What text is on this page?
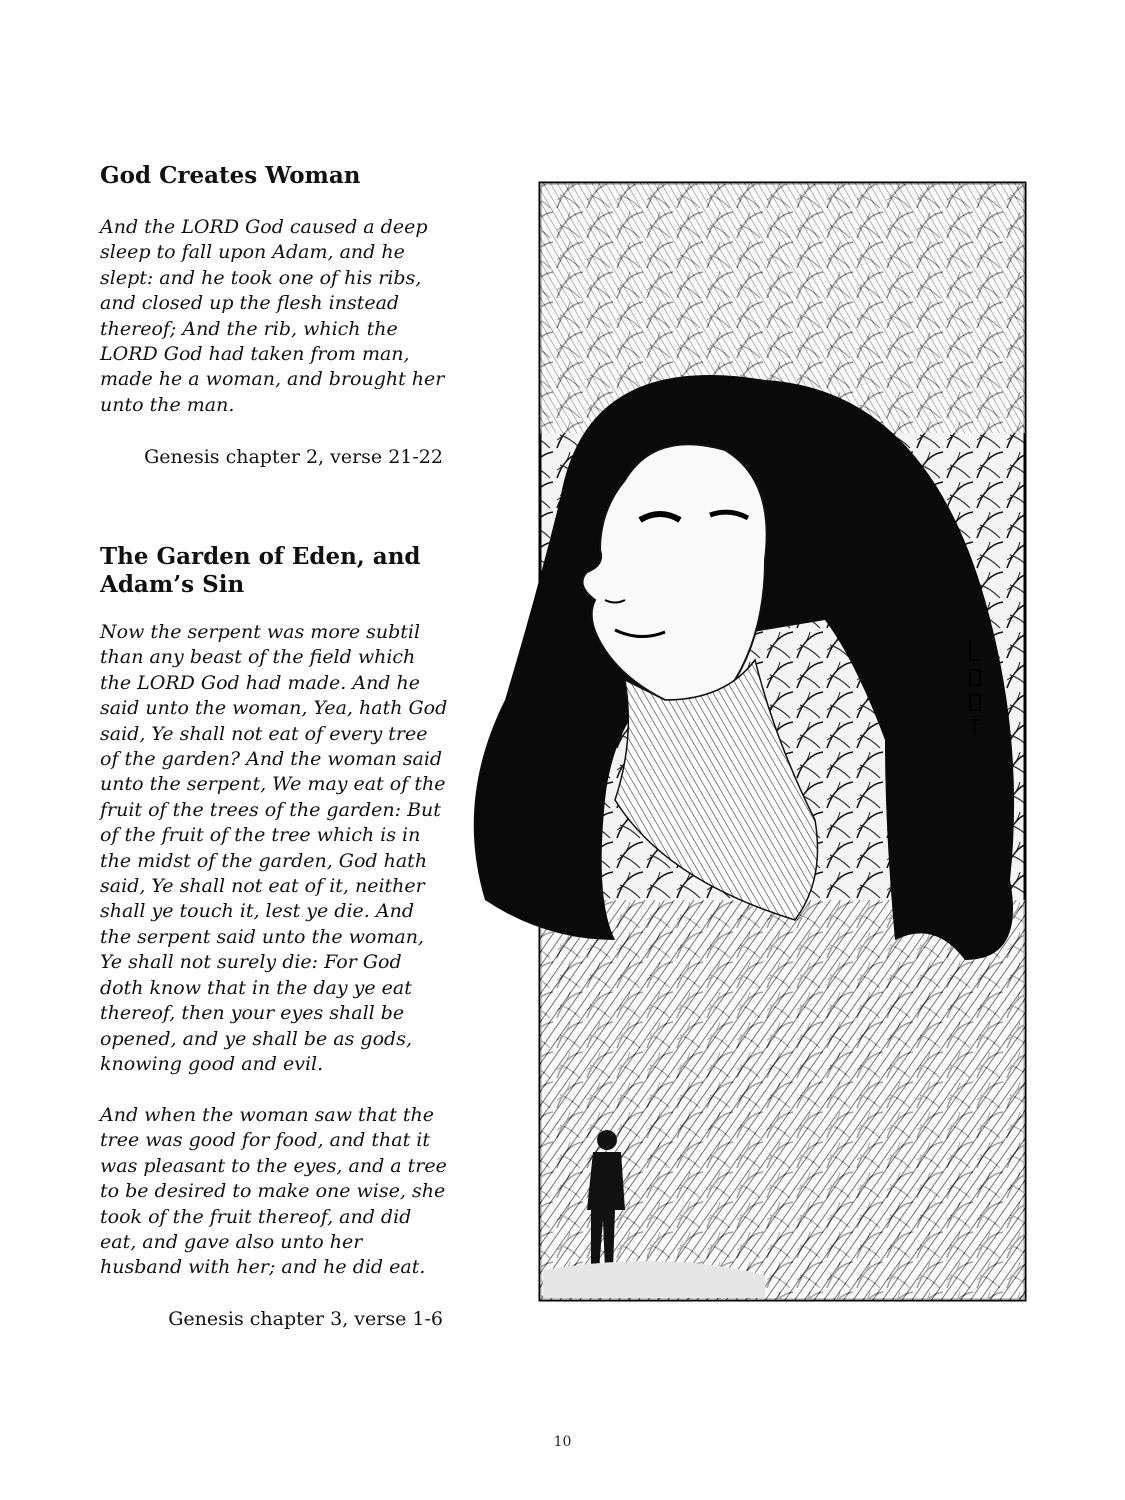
God Creates Woman

And the LORD God caused a deep sleep to fall upon Adam, and he slept: and he took one of his ribs, and closed up the flesh instead thereof; And the rib, which the LORD God had taken from man, made he a woman, and brought her unto the man.

Genesis chapter 2, verse 21-22

The Garden of Eden, and Adam’s Sin

Now the serpent was more subtil than any beast of the field which the LORD God had made. And he said unto the woman, Yea, hath God said, Ye shall not eat of every tree of the garden? And the woman said unto the serpent, We may eat of the fruit of the trees of the garden: But of the fruit of the tree which is in the midst of the garden, God hath said, Ye shall not eat of it, neither shall ye touch it, lest ye die. And the serpent said unto the woman, Ye shall not surely die: For God doth know that in the day ye eat thereof, then your eyes shall be opened, and ye shall be as gods, knowing good and evil.

And when the woman saw that the tree was good for food, and that it was pleasant to the eyes, and a tree to be desired to make one wise, she took of the fruit thereof, and did eat, and gave also unto her husband with her; and he did eat.

Genesis chapter 3, verse 1-6

10
